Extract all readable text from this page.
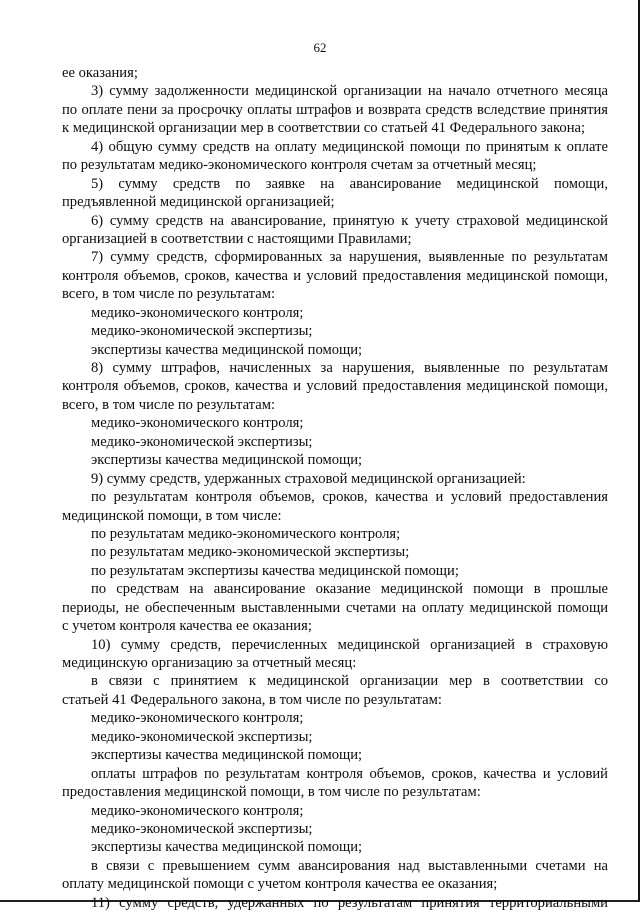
62
ее оказания;
3) сумму задолженности медицинской организации на начало отчетного месяца
по оплате пени за просрочку оплаты штрафов и возврата средств вследствие принятия
к медицинской организации мер в соответствии со статьей 41 Федерального закона;
4) общую сумму средств на оплату медицинской помощи по принятым к оплате
по результатам медико-экономического контроля счетам за отчетный месяц;
5) сумму средств по заявке на авансирование медицинской помощи,
предъявленной медицинской организацией;
6) сумму средств на авансирование, принятую к учету страховой медицинской
организацией в соответствии с настоящими Правилами;
7) сумму средств, сформированных за нарушения, выявленные по результатам
контроля объемов, сроков, качества и условий предоставления медицинской помощи,
всего, в том числе по результатам:
медико-экономического контроля;
медико-экономической экспертизы;
экспертизы качества медицинской помощи;
8) сумму штрафов, начисленных за нарушения, выявленные по результатам
контроля объемов, сроков, качества и условий предоставления медицинской помощи,
всего, в том числе по результатам:
медико-экономического контроля;
медико-экономической экспертизы;
экспертизы качества медицинской помощи;
9) сумму средств, удержанных страховой медицинской организацией:
по результатам контроля объемов, сроков, качества и условий предоставления
медицинской помощи, в том числе:
по результатам медико-экономического контроля;
по результатам медико-экономической экспертизы;
по результатам экспертизы качества медицинской помощи;
по средствам на авансирование оказание медицинской помощи в прошлые
периоды, не обеспеченным выставленными счетами на оплату медицинской помощи
с учетом контроля качества ее оказания;
10) сумму средств, перечисленных медицинской организацией в страховую
медицинскую организацию за отчетный месяц:
в связи с принятием к медицинской организации мер в соответствии со
статьей 41 Федерального закона, в том числе по результатам:
медико-экономического контроля;
медико-экономической экспертизы;
экспертизы качества медицинской помощи;
оплаты штрафов по результатам контроля объемов, сроков, качества и условий
предоставления медицинской помощи, в том числе по результатам:
медико-экономического контроля;
медико-экономической экспертизы;
экспертизы качества медицинской помощи;
в связи с превышением сумм авансирования над выставленными счетами на
оплату медицинской помощи с учетом контроля качества ее оказания;
11) сумму средств, удержанных по результатам принятия территориальными
